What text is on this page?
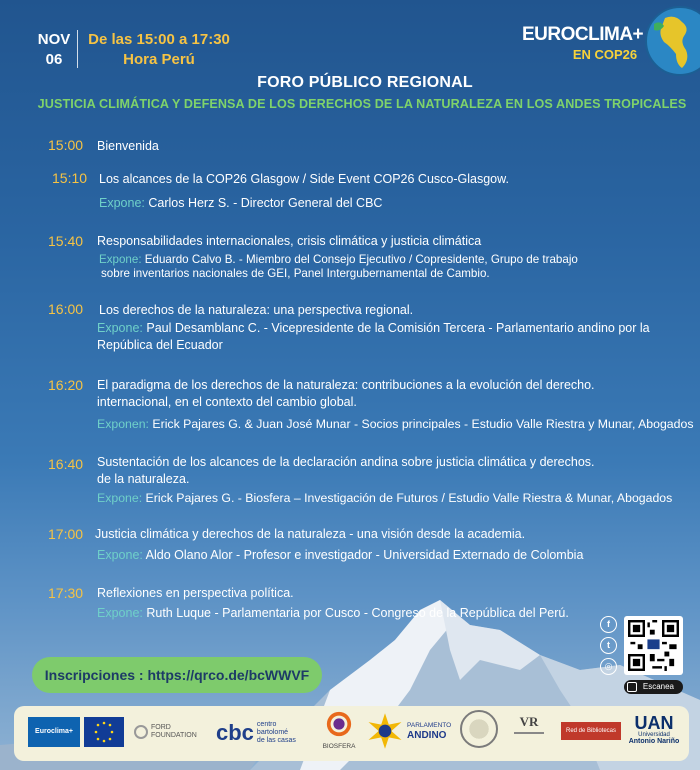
NOV
06
De las 15:00 a 17:30
Hora Perú
EUROCLIMA+
EN COP26
FORO PÚBLICO REGIONAL
JUSTICIA CLIMÁTICA Y DEFENSA DE LOS DERECHOS DE LA NATURALEZA EN LOS ANDES TROPICALES
15:00 Bienvenida
15:10 Los alcances de la COP26 Glasgow / Side Event COP26 Cusco-Glasgow.
Expone: Carlos Herz S. - Director General del CBC
15:40 Responsabilidades internacionales, crisis climática y justicia climática
Expone: Eduardo Calvo B. - Miembro del Consejo Ejecutivo / Copresidente, Grupo de trabajo
sobre inventarios nacionales de GEI, Panel Intergubernamental de Cambio.
16:00 Los derechos de la naturaleza: una perspectiva regional.
Expone: Paul Desamblanc C. - Vicepresidente de la Comisión Tercera - Parlamentario andino por la
República del Ecuador
16:20 El paradigma de los derechos de la naturaleza: contribuciones a la evolución del derecho.
internacional, en el contexto del cambio global.
Exponen: Erick Pajares G. & Juan José Munar - Socios principales - Estudio Valle Riestra y Munar, Abogados
16:40 Sustentación de los alcances de la declaración andina sobre justicia climática y derechos.
de la naturaleza.
Expone: Erick Pajares G. - Biosfera – Investigación de Futuros / Estudio Valle Riestra & Munar, Abogados
17:00 Justicia climática y derechos de la naturaleza - una visión desde la academia.
Expone: Aldo Olano Alor - Profesor e investigador - Universidad Externado de Colombia
17:30 Reflexiones en perspectiva política.
Expone: Ruth Luque - Parlamentaria por Cusco - Congreso de la República del Perú.
Inscripciones : https://qrco.de/bcWWVF
f
t
◎
Escanea
Euroclima+
FORD FOUNDATION cbc centro
bartolomé
de las casas
BIOSFERA
PARLAMENTO
ANDINO
VR
Red de Bibliotecas	UAN
Universidad
Antonio Nariño
